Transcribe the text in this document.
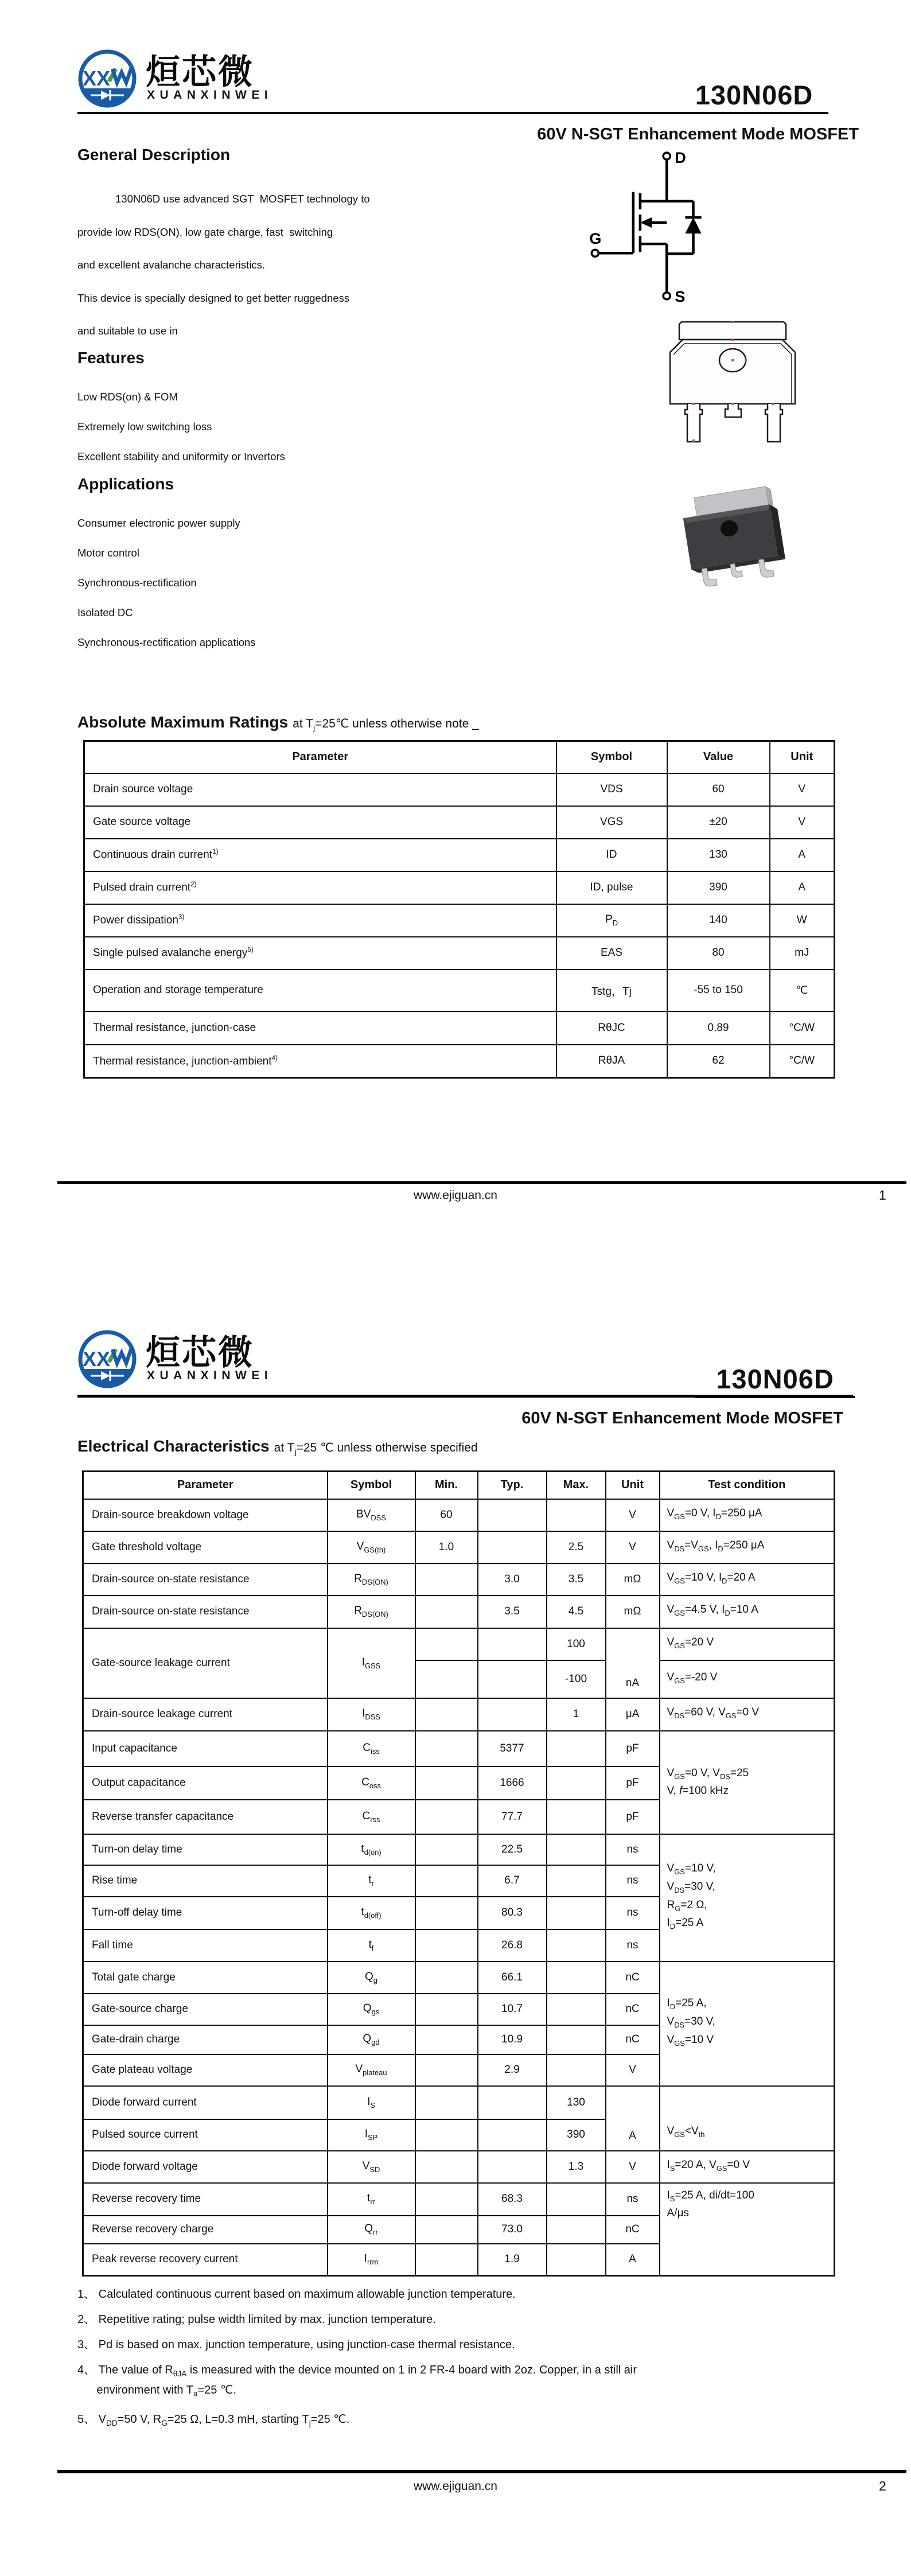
XX 烜芯微
XUANXINWEI	130N06D
60V N-SGT Enhancement Mode MOSFET
General Description
130N06D use advanced SGT  MOSFET technology to
provide low RDS(ON), low gate charge, fast  switching
and excellent avalanche characteristics.
This device is specially designed to get better ruggedness
and suitable to use in
Features
Low RDS(on) & FOM
Extremely low switching loss
Excellent stability and uniformity or Invertors
Applications
Consumer electronic power supply
Motor control
Synchronous-rectification
Isolated DC
Synchronous-rectification applications
D
G
S
Absolute Maximum Ratings at $T_j=25℃$ unless otherwise note _
Parameter	Symbol	Value	Unit
Drain source voltage	VDS	60	V
Gate source voltage	VGS	±20	V
Continuous drain current$^{1)}$	ID	130	A
Pulsed drain current$^{2)}$	ID, pulse	390	A
Power dissipation$^{3)}$	$P_D$	140	W
Single pulsed avalanche energy$^{5)}$	EAS	80	mJ
Operation and storage temperature	Tstg，Tj	-55 to 150	℃
Thermal resistance, junction-case	RθJC	0.89	°C/W
Thermal resistance, junction-ambient$^{4)}$	RθJA	62	°C/W
www.ejiguan.cn	1
XX 烜芯微
XUANXINWEI	130N06D
60V N-SGT Enhancement Mode MOSFET
Electrical Characteristics at $T_j=25$ ℃ unless otherwise specified
Parameter	Symbol	Min.	Typ.	Max.	Unit	Test condition
Drain-source breakdown voltage	$BV_{DSS}$	60			V	$V_{GS}=0$ V, $I_D=250$ μA
Gate threshold voltage	$V_{GS(th)}$	1.0		2.5	V	$V_{DS}=V_{GS}$, $I_D=250$ μA
Drain-source on-state resistance	$R_{DS(ON)}$		3.0	3.5	mΩ	$V_{GS}=10$ V, $I_D=20$ A
Drain-source on-state resistance	$R_{DS(ON)}$		3.5	4.5	mΩ	$V_{GS}=4.5$ V, $I_D=10$ A
Gate-source leakage current	$I_{GSS}$			100	nA	$V_{GS}=20$ V
				-100		$V_{GS}=-20$ V
Drain-source leakage current	$I_{DSS}$			1	μA	$V_{DS}=60$ V, $V_{GS}=0$ V
Input capacitance	$C_{iss}$		5377		pF	$V_{GS}=0$ V, $V_{DS}=25$
V, f=100 kHz
Output capacitance	$C_{oss}$		1666		pF	
Reverse transfer capacitance	$C_{rss}$		77.7		pF	
Turn-on delay time	$t_{d(on)}$		22.5		ns	$V_{GS}=10$ V,
$V_{DS}=30$ V,
$R_G=2$ Ω,
$I_D=25$ A
Rise time	$t_r$		6.7		ns	
Turn-off delay time	$t_{d(off)}$		80.3		ns	
Fall time	$t_f$		26.8		ns	
Total gate charge	$Q_g$		66.1		nC	$I_D=25$ A,
$V_{DS}=30$ V,
$V_{GS}=10$ V
Gate-source charge	$Q_{gs}$		10.7		nC	
Gate-drain charge	$Q_{gd}$		10.9		nC	
Gate plateau voltage	$V_{plateau}$		2.9		V	
Diode forward current	$I_S$			130	A	$V_{GS}<V_{th}$
Pulsed source current	$I_{SP}$			390		
Diode forward voltage	$V_{SD}$			1.3	V	$I_S=20$ A, $V_{GS}=0$ V
Reverse recovery time	$t_{rr}$		68.3		ns	$I_S=25$ A, di/dt=100
A/μs
Reverse recovery charge	$Q_{rr}$		73.0		nC	
Peak reverse recovery current	$I_{rrm}$		1.9		A	
1、 Calculated continuous current based on maximum allowable junction temperature.
2、 Repetitive rating; pulse width limited by max. junction temperature.
3、 Pd is based on max. junction temperature, using junction-case thermal resistance.
4、 The value of $R_{\theta JA}$ is measured with the device mounted on 1 in 2 FR-4 board with 2oz. Copper, in a still air
environment with $T_a=25$ ℃.
5、 $V_{DD}=50$ V, $R_G=25$ Ω, L=0.3 mH, starting $T_j=25$ ℃.
www.ejiguan.cn	2
